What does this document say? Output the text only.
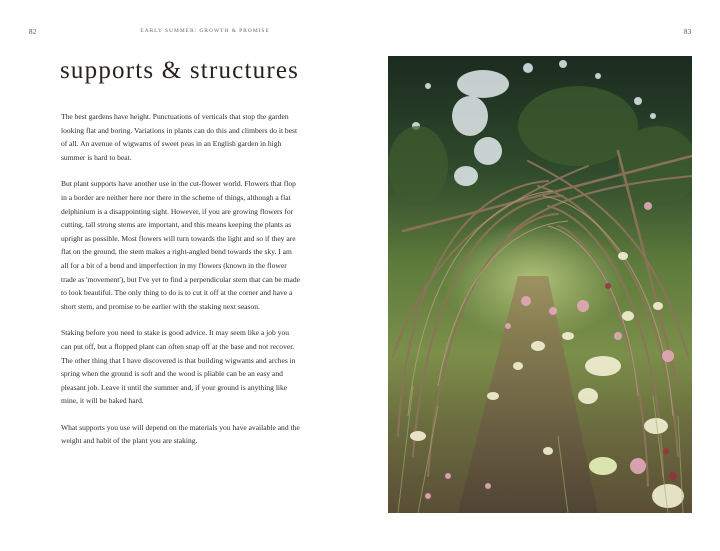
82	EARLY SUMMER: GROWTH & PROMISE
supports & structures

The best gardens have height. Punctuations of verticals that stop the garden looking flat and boring. Variations in plants can do this and climbers do it best of all. An avenue of wigwams of sweet peas in an English garden in high summer is hard to beat.

But plant supports have another use in the cut-flower world. Flowers that flop in a border are neither here nor there in the scheme of things, although a flat delphinium is a disappointing sight. However, if you are growing flowers for cutting, tall strong stems are important, and this means keeping the plants as upright as possible. Most flowers will turn towards the light and so if they are flat on the ground, the stem makes a right-angled bend towards the sky. I am all for a bit of a bend and imperfection in my flowers (known in the flower trade as 'movement'), but I've yet to find a perpendicular stem that can be made to look beautiful. The only thing to do is to cut it off at the corner and have a short stem, and promise to be earlier with the staking next season.

Staking before you need to stake is good advice. It may seem like a job you can put off, but a flopped plant can often snap off at the base and not recover. The other thing that I have discovered is that building wigwams and arches in spring when the ground is soft and the wood is pliable can be an easy and pleasant job. Leave it until the summer and, if your ground is anything like mine, it will be baked hard.

What supports you use will depend on the materials you have available and the weight and habit of the plant you are staking.

83
